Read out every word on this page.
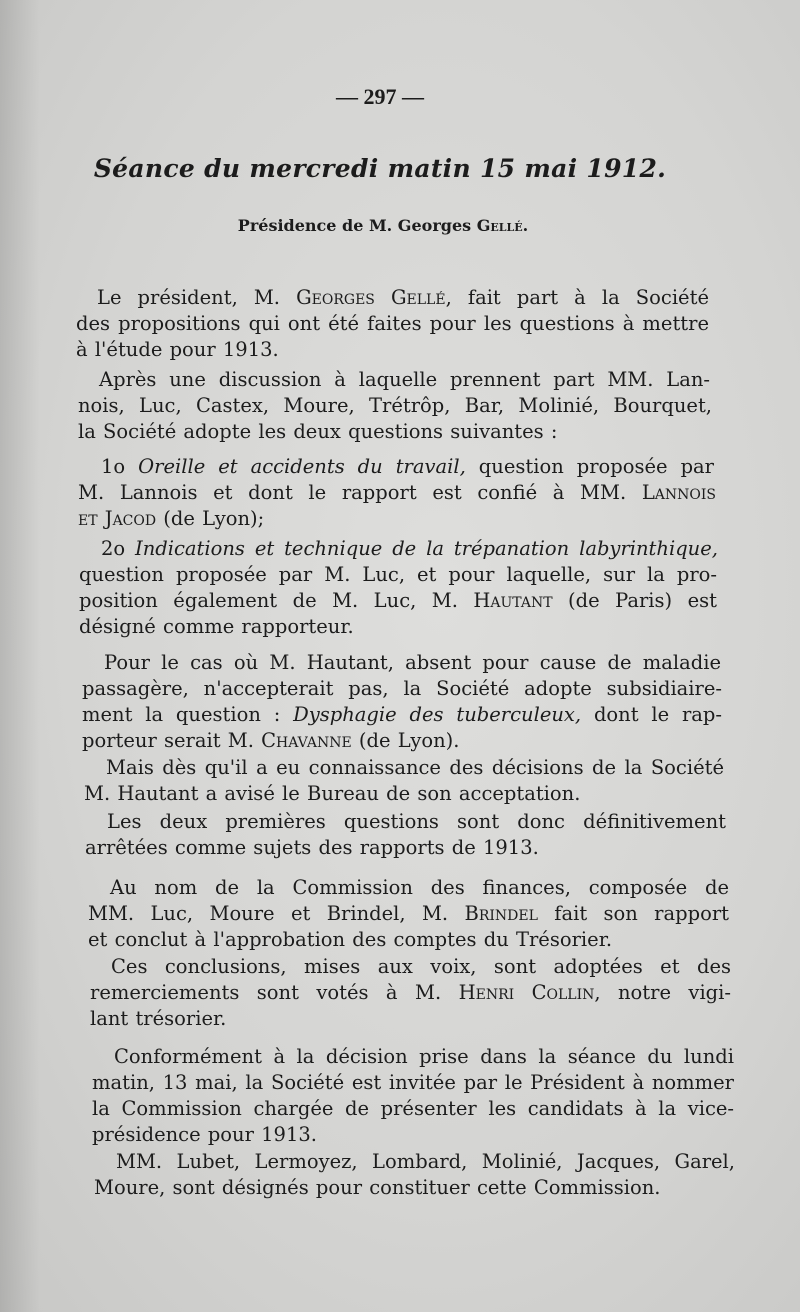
— 297 —
Séance du mercredi matin 15 mai 1912.
Présidence de M. Georges Gellé.
Le président, M. Georges Gellé, fait part à la Société
des propositions qui ont été faites pour les questions à mettre
à l'étude pour 1913.
Après une discussion à laquelle prennent part MM. Lan-
nois, Luc, Castex, Moure, Trétrôp, Bar, Molinié, Bourquet,
la Société adopte les deux questions suivantes :
1o Oreille et accidents du travail, question proposée par
M. Lannois et dont le rapport est confié à MM. Lannois
et Jacod (de Lyon);
2o Indications et technique de la trépanation labyrinthique,
question proposée par M. Luc, et pour laquelle, sur la pro-
position également de M. Luc, M. Hautant (de Paris) est
désigné comme rapporteur.
Pour le cas où M. Hautant, absent pour cause de maladie
passagère, n'accepterait pas, la Société adopte subsidiaire-
ment la question : Dysphagie des tuberculeux, dont le rap-
porteur serait M. Chavanne (de Lyon).
Mais dès qu'il a eu connaissance des décisions de la Société
M. Hautant a avisé le Bureau de son acceptation.
Les deux premières questions sont donc définitivement
arrêtées comme sujets des rapports de 1913.
Au nom de la Commission des finances, composée de
MM. Luc, Moure et Brindel, M. Brindel fait son rapport
et conclut à l'approbation des comptes du Trésorier.
Ces conclusions, mises aux voix, sont adoptées et des
remerciements sont votés à M. Henri Collin, notre vigi-
lant trésorier.
Conformément à la décision prise dans la séance du lundi
matin, 13 mai, la Société est invitée par le Président à nommer
la Commission chargée de présenter les candidats à la vice-
présidence pour 1913.
MM. Lubet, Lermoyez, Lombard, Molinié, Jacques, Garel,
Moure, sont désignés pour constituer cette Commission.
